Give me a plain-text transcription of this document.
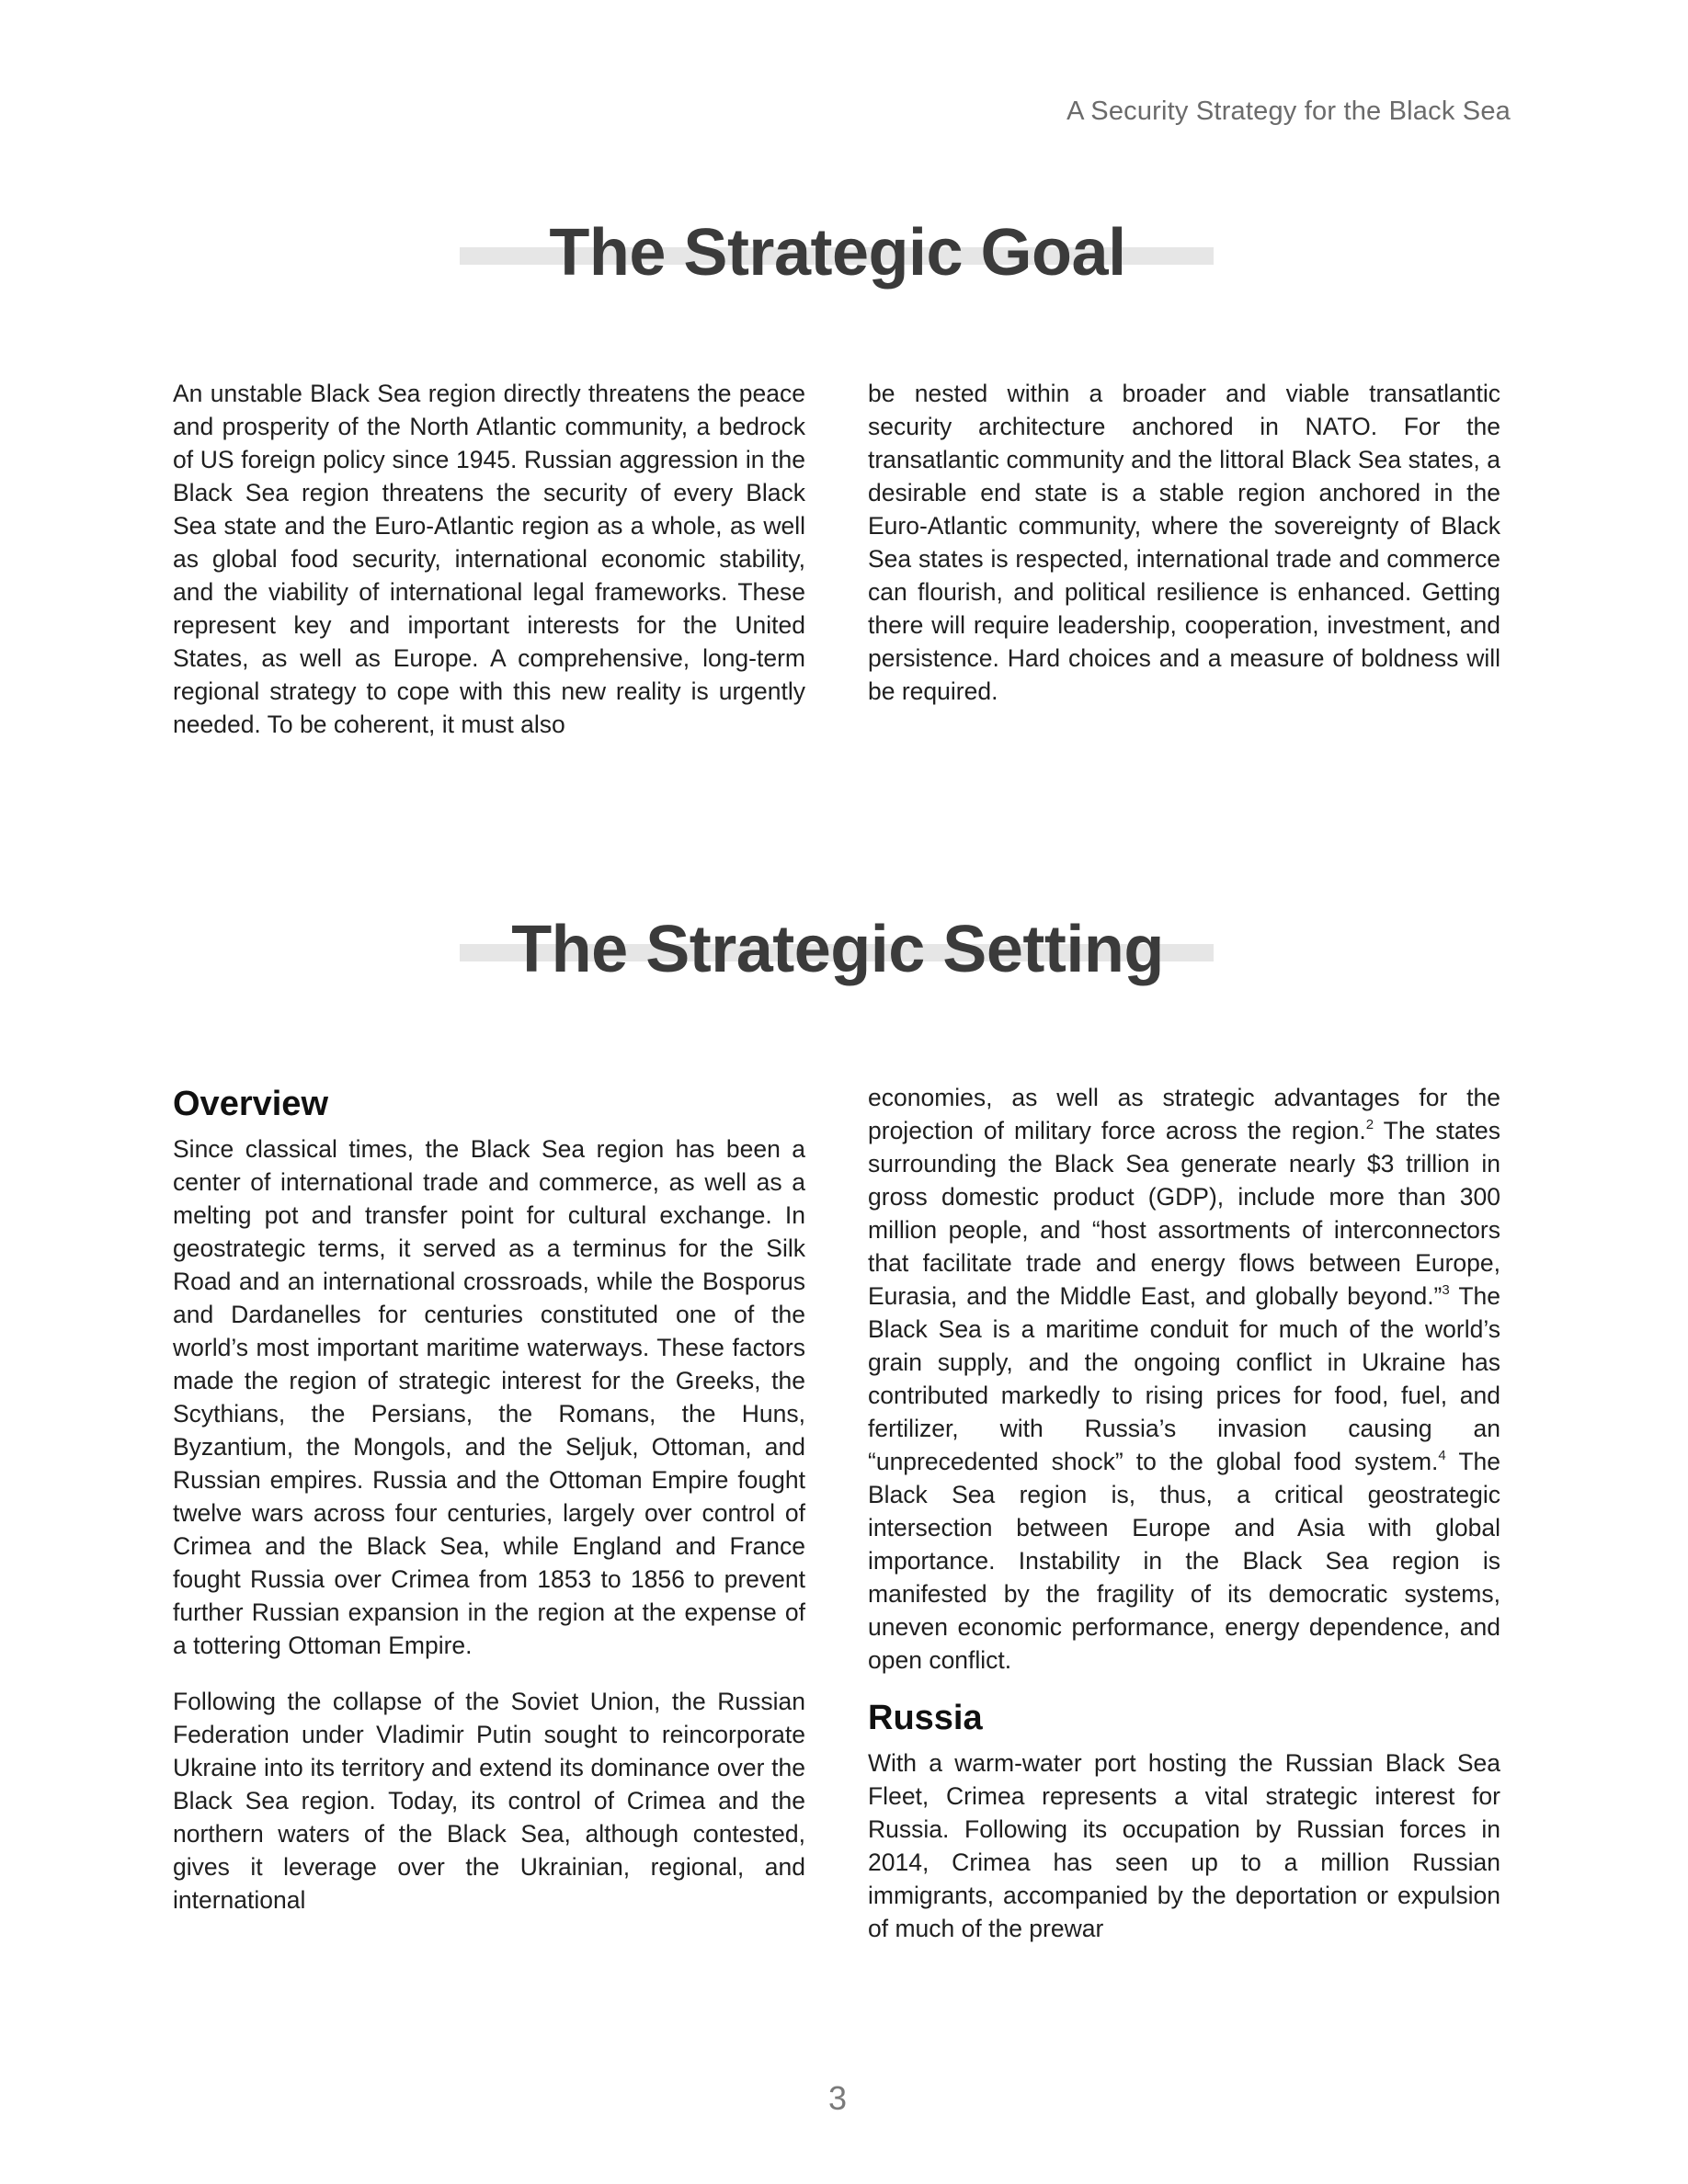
A Security Strategy for the Black Sea
The Strategic Goal

An unstable Black Sea region directly threatens the peace and prosperity of the North Atlantic community, a bedrock of US foreign policy since 1945. Russian aggression in the Black Sea region threatens the security of every Black Sea state and the Euro-Atlantic region as a whole, as well as global food security, international economic stability, and the viability of international legal frameworks. These represent key and important interests for the United States, as well as Europe. A comprehensive, long-term regional strategy to cope with this new reality is urgently needed. To be coherent, it must also

be nested within a broader and viable transatlantic security architecture anchored in NATO. For the transatlantic community and the littoral Black Sea states, a desirable end state is a stable region anchored in the Euro-Atlantic community, where the sovereignty of Black Sea states is respected, international trade and commerce can flourish, and political resilience is enhanced. Getting there will require leadership, cooperation, investment, and persistence. Hard choices and a measure of boldness will be required.

The Strategic Setting
Overview

Since classical times, the Black Sea region has been a center of international trade and commerce, as well as a melting pot and transfer point for cultural exchange. In geostrategic terms, it served as a terminus for the Silk Road and an international crossroads, while the Bosporus and Dardanelles for centuries constituted one of the world’s most important maritime waterways. These factors made the region of strategic interest for the Greeks, the Scythians, the Persians, the Romans, the Huns, Byzantium, the Mongols, and the Seljuk, Ottoman, and Russian empires. Russia and the Ottoman Empire fought twelve wars across four centuries, largely over control of Crimea and the Black Sea, while England and France fought Russia over Crimea from 1853 to 1856 to prevent further Russian expansion in the region at the expense of a tottering Ottoman Empire.

Following the collapse of the Soviet Union, the Russian Federation under Vladimir Putin sought to reincorporate Ukraine into its territory and extend its dominance over the Black Sea region. Today, its control of Crimea and the northern waters of the Black Sea, although contested, gives it leverage over the Ukrainian, regional, and international

economies, as well as strategic advantages for the projection of military force across the region.$^2$ The states surrounding the Black Sea generate nearly $3 trillion in gross domestic product (GDP), include more than 300 million people, and “host assortments of interconnectors that facilitate trade and energy flows between Europe, Eurasia, and the Middle East, and globally beyond.”$^3$ The Black Sea is a maritime conduit for much of the world’s grain supply, and the ongoing conflict in Ukraine has contributed markedly to rising prices for food, fuel, and fertilizer, with Russia’s invasion causing an “unprecedented shock” to the global food system.$^4$ The Black Sea region is, thus, a critical geostrategic intersection between Europe and Asia with global importance. Instability in the Black Sea region is manifested by the fragility of its democratic systems, uneven economic performance, energy dependence, and open conflict.

Russia

With a warm-water port hosting the Russian Black Sea Fleet, Crimea represents a vital strategic interest for Russia. Following its occupation by Russian forces in 2014, Crimea has seen up to a million Russian immigrants, accompanied by the deportation or expulsion of much of the prewar

3
